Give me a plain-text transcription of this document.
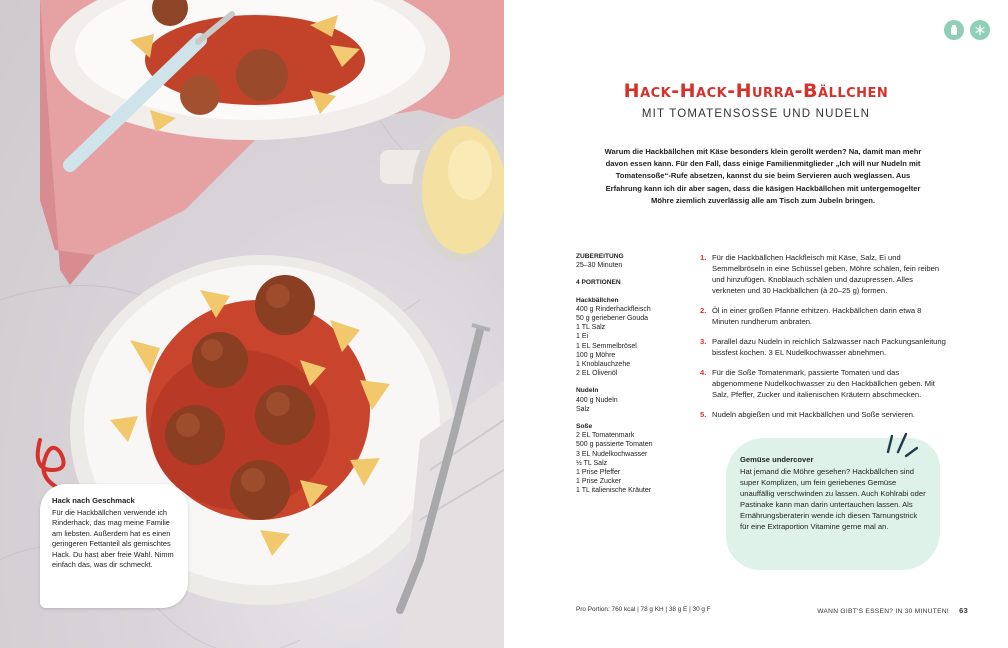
Hack nach Geschmack

Für die Hackbällchen verwende ich Rinderhack, das mag meine Familie am liebsten. Außerdem hat es einen geringeren Fettanteil als gemischtes Hack. Du hast aber freie Wahl. Nimm einfach das, was dir schmeckt.

Hack-Hack-Hurra-Bällchen
MIT TOMATENSOSSE UND NUDELN

Warum die Hackbällchen mit Käse besonders klein gerollt werden? Na, damit man mehr davon essen kann. Für den Fall, dass einige Familienmitglieder „Ich will nur Nudeln mit Tomatensoße“-Rufe absetzen, kannst du sie beim Servieren auch weglassen. Aus Erfahrung kann ich dir aber sagen, dass die käsigen Hackbällchen mit untergemogelter Möhre ziemlich zuverlässig alle am Tisch zum Jubeln bringen.

ZUBEREITUNG
25–30 Minuten
4 PORTIONEN
Hackbällchen
400 g Rinderhackfleisch
50 g geriebener Gouda
1 TL Salz
1 Ei
1 EL Semmelbrösel
100 g Möhre
1 Knoblauchzehe
2 EL Olivenöl
Nudeln
400 g Nudeln
Salz
Soße
2 EL Tomatenmark
500 g passierte Tomaten
3 EL Nudelkochwasser
½ TL Salz
1 Prise Pfeffer
1 Prise Zucker
1 TL italienische Kräuter
1. Für die Hackbällchen Hackfleisch mit Käse, Salz, Ei und Semmelbröseln in eine Schüssel geben. Möhre schälen, fein reiben und hinzufügen. Knoblauch schälen und dazupressen. Alles verkneten und 30 Hackbällchen (à 20–25 g) formen.
2. Öl in einer großen Pfanne erhitzen. Hackbällchen darin etwa 8 Minuten rundherum anbraten.
3. Parallel dazu Nudeln in reichlich Salzwasser nach Packungsanleitung bissfest kochen. 3 EL Nudelkochwasser abnehmen.
4. Für die Soße Tomatenmark, passierte Tomaten und das abgenommene Nudelkochwasser zu den Hackbällchen geben. Mit Salz, Pfeffer, Zucker und italienischen Kräutern abschmecken.
5. Nudeln abgießen und mit Hackbällchen und Soße servieren.
Gemüse undercover

Hat jemand die Möhre gesehen? Hackbällchen sind super Komplizen, um fein geriebenes Gemüse unauffällig verschwinden zu lassen. Auch Kohlrabi oder Pastinake kann man darin untertauchen lassen. Als Ernährungsberaterin wende ich diesen Tarnungstrick für eine Extraportion Vitamine gerne mal an.

Pro Portion: 760 kcal | 78 g KH | 38 g E | 30 g F	WANN GIBT'S ESSEN? IN 30 MINUTEN! 63
